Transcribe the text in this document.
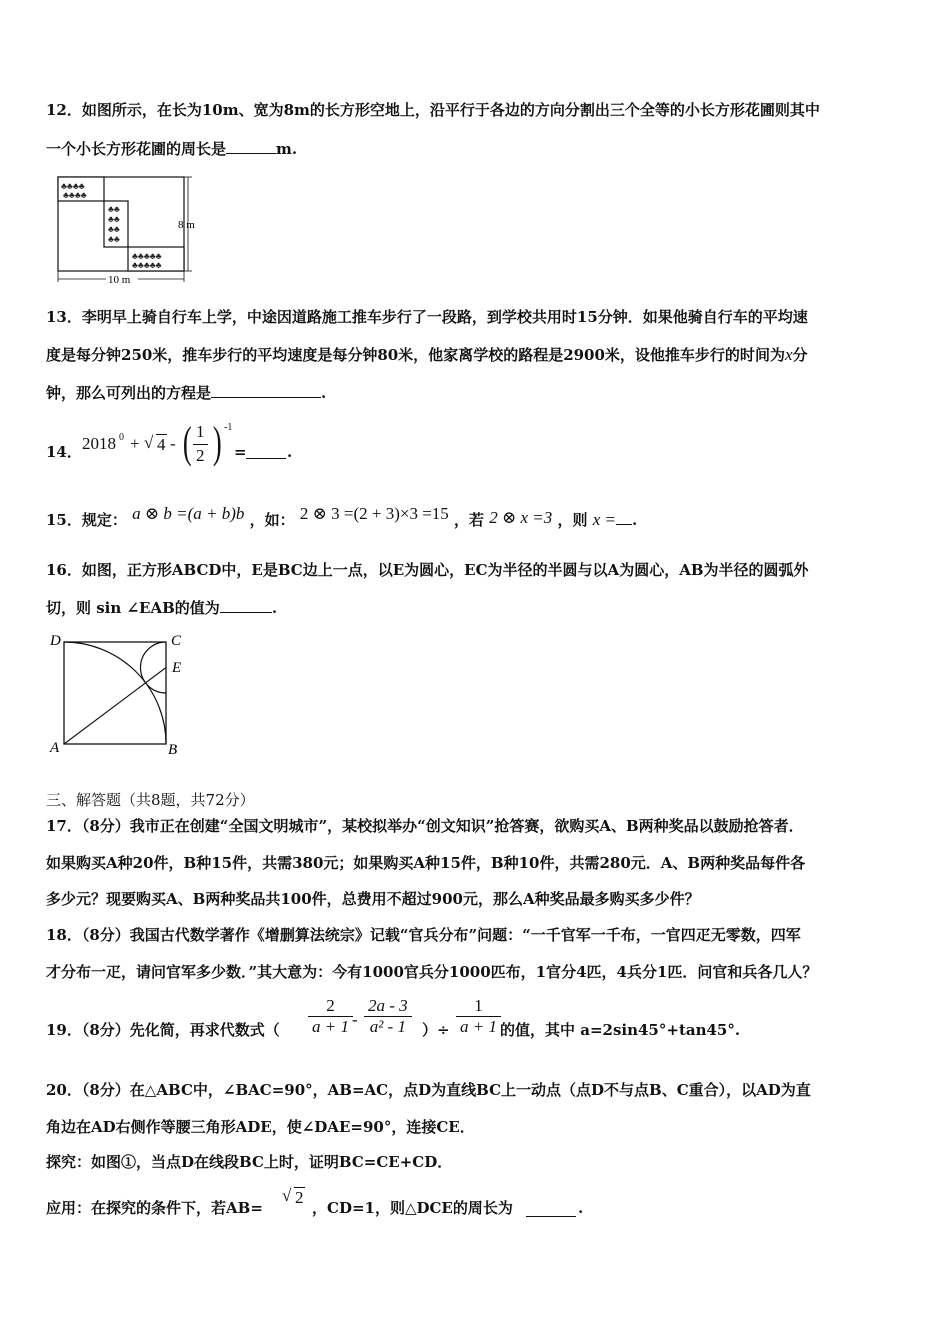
12．如图所示，在长为10m、宽为8m的长方形空地上，沿平行于各边的方向分割出三个全等的小长方形花圃则其中
一个小长方形花圃的周长是	m.
♣♣♣♣
♣♣♣♣
♣♣
♣♣
♣♣
♣♣
♣♣♣♣♣
♣♣♣♣♣
8 m
10 m
13．李明早上骑自行车上学，中途因道路施工推车步行了一段路，到学校共用时15分钟．如果他骑自行车的平均速
度是每分钟250米，推车步行的平均速度是每分钟80米，他家离学校的路程是2900米，设他推车步行的时间为x分
钟，那么可列出的方程是	.
14． 2018 0 + √ 4 - ( 1
2 ) -1
=	.
15．规定： a ⊗ b =(a + b)b ，如： 2 ⊗ 3 =(2 + 3)×3 =15 ，若 2 ⊗ x =3 ，则 x = .
16．如图，正方形ABCD中，E是BC边上一点，以E为圆心，EC为半径的半圆与以A为圆心，AB为半径的圆弧外
切，则 sin ∠EAB的值为	.
D	C
E
A	B
三、解答题（共8题，共72分）
17．（8分）我市正在创建“全国文明城市”，某校拟举办“创文知识”抢答赛，欲购买A、B两种奖品以鼓励抢答者．
如果购买A种20件，B种15件，共需380元；如果购买A种15件，B种10件，共需280元．A、B两种奖品每件各
多少元？现要购买A、B两种奖品共100件，总费用不超过900元，那么A种奖品最多购买多少件？
18．（8分）我国古代数学著作《增删算法统宗》记载“官兵分布”问题：“一千官军一千布，一官四疋无零数，四军
才分布一疋，请问官军多少数．”其大意为：今有1000官兵分1000匹布，1官分4匹，4兵分1匹．问官和兵各几人？
19．（8分）先化简，再求代数式（ $\frac{2}{a + 1} - \frac{2a - 3}{\text{a² - 1}}$ ）÷ $\frac{1}{a + 1}$ 的值，其中 a=2sin45°+tan45°.
20．（8分）在△ABC中，∠BAC=90°，AB=AC，点D为直线BC上一动点（点D不与点B、C重合），以AD为直
角边在AD右侧作等腰三角形ADE，使∠DAE=90°，连接CE．
探究：如图①，当点D在线段BC上时，证明BC=CE+CD．
应用：在探究的条件下，若AB=
√ 2
，CD=1，则△DCE的周长为	.
